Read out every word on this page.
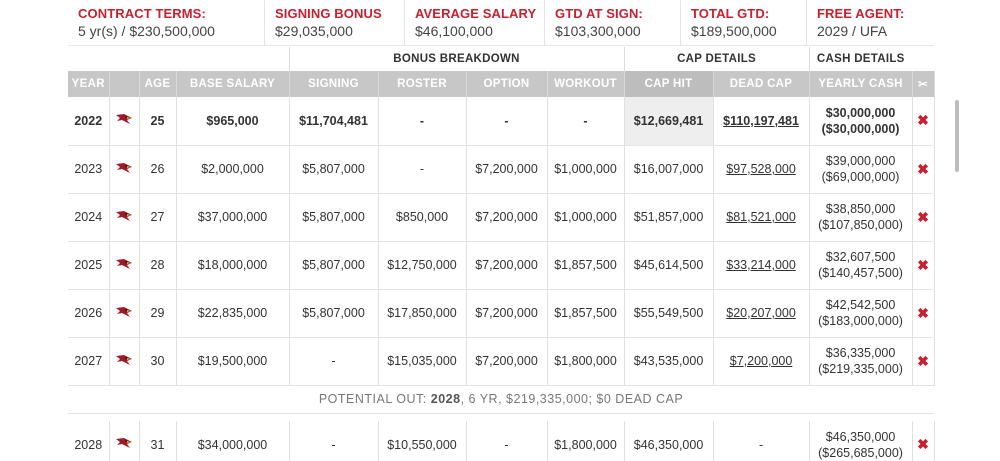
CONTRACT TERMS:
5 yr(s) / $230,500,000
SIGNING BONUS
$29,035,000
AVERAGE SALARY
$46,100,000
GTD AT SIGN:
$103,300,000
TOTAL GTD:
$189,500,000
FREE AGENT:
2029 / UFA
				BONUS BREAKDOWN				CAP DETAILS		CASH DETAILS	
YEAR		AGE	BASE SALARY	SIGNING	ROSTER	OPTION	WORKOUT	CAP HIT	DEAD CAP	YEARLY CASH	✂
2022		25	$965,000	$11,704,481	-	-	-	$12,669,481	$110,197,481	$30,000,000
($30,000,000)	✖
2023		26	$2,000,000	$5,807,000	-	$7,200,000	$1,000,000	$16,007,000	$97,528,000	$39,000,000
($69,000,000)	✖
2024		27	$37,000,000	$5,807,000	$850,000	$7,200,000	$1,000,000	$51,857,000	$81,521,000	$38,850,000
($107,850,000)	✖
2025		28	$18,000,000	$5,807,000	$12,750,000	$7,200,000	$1,857,500	$45,614,500	$33,214,000	$32,607,500
($140,457,500)	✖
2026		29	$22,835,000	$5,807,000	$17,850,000	$7,200,000	$1,857,500	$55,549,500	$20,207,000	$42,542,500
($183,000,000)	✖
2027		30	$19,500,000	-	$15,035,000	$7,200,000	$1,800,000	$43,535,000	$7,200,000	$36,335,000
($219,335,000)	✖
POTENTIAL OUT: 2028, 6 YR, $219,335,000; $0 DEAD CAP											

2028		31	$34,000,000	-	$10,550,000	-	$1,800,000	$46,350,000	-	$46,350,000
($265,685,000)	✖
